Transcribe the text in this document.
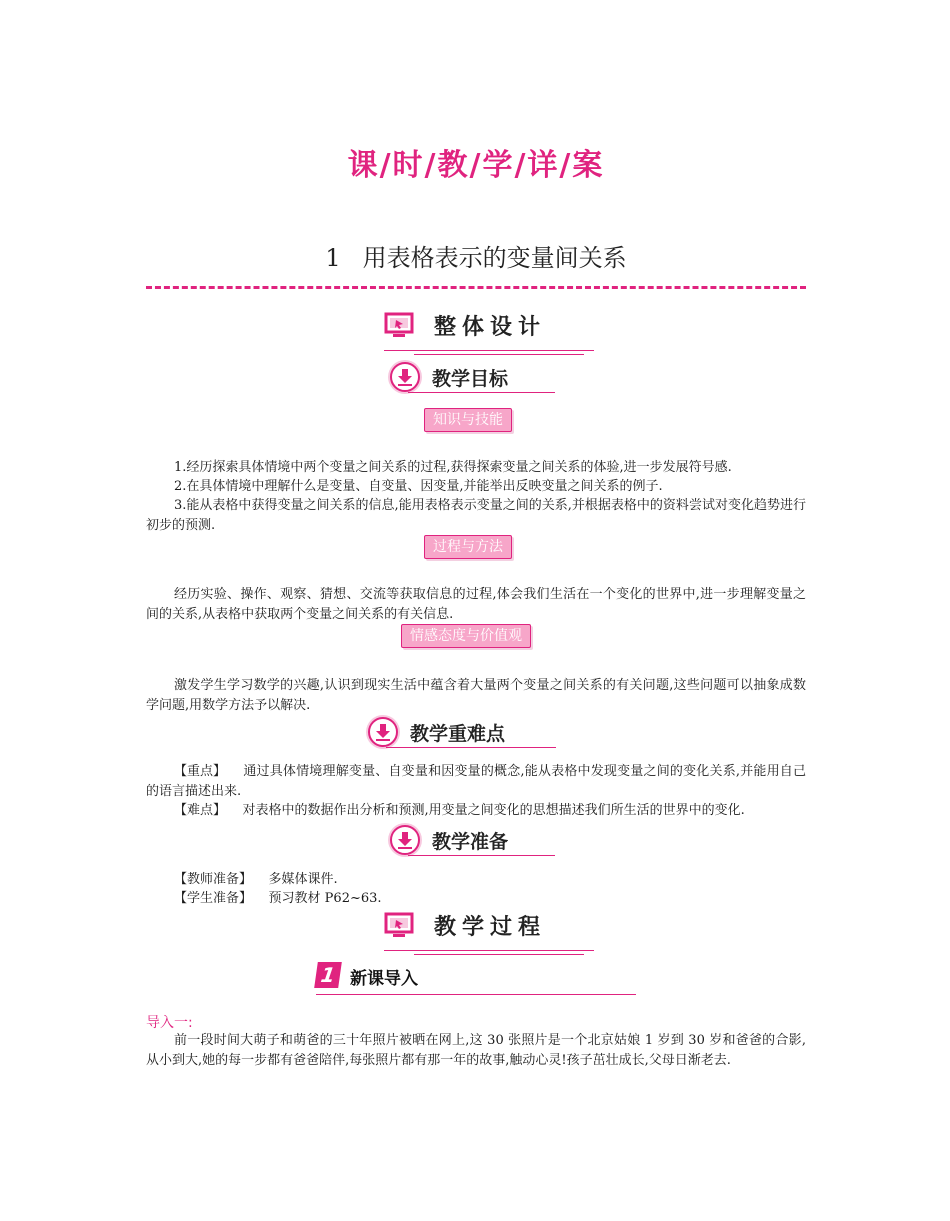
课/时/教/学/详/案
1 用表格表示的变量间关系
整体设计
教学目标
知识与技能
1.经历探索具体情境中两个变量之间关系的过程,获得探索变量之间关系的体验,进一步发展符号感.
2.在具体情境中理解什么是变量、自变量、因变量,并能举出反映变量之间关系的例子.
3.能从表格中获得变量之间关系的信息,能用表格表示变量之间的关系,并根据表格中的资料尝试对变化趋势进行初步的预测.
过程与方法
经历实验、操作、观察、猜想、交流等获取信息的过程,体会我们生活在一个变化的世界中,进一步理解变量之间的关系,从表格中获取两个变量之间关系的有关信息.
情感态度与价值观
激发学生学习数学的兴趣,认识到现实生活中蕴含着大量两个变量之间关系的有关问题,这些问题可以抽象成数学问题,用数学方法予以解决.
教学重难点
【重点】 通过具体情境理解变量、自变量和因变量的概念,能从表格中发现变量之间的变化关系,并能用自己的语言描述出来.
【难点】 对表格中的数据作出分析和预测,用变量之间变化的思想描述我们所生活的世界中的变化.
教学准备
【教师准备】 多媒体课件.
【学生准备】 预习教材 P62~63.
教学过程
1 新课导入
导入一:
前一段时间大萌子和萌爸的三十年照片被晒在网上,这 30 张照片是一个北京姑娘 1 岁到 30 岁和爸爸的合影,从小到大,她的每一步都有爸爸陪伴,每张照片都有那一年的故事,触动心灵!孩子茁壮成长,父母日渐老去.
